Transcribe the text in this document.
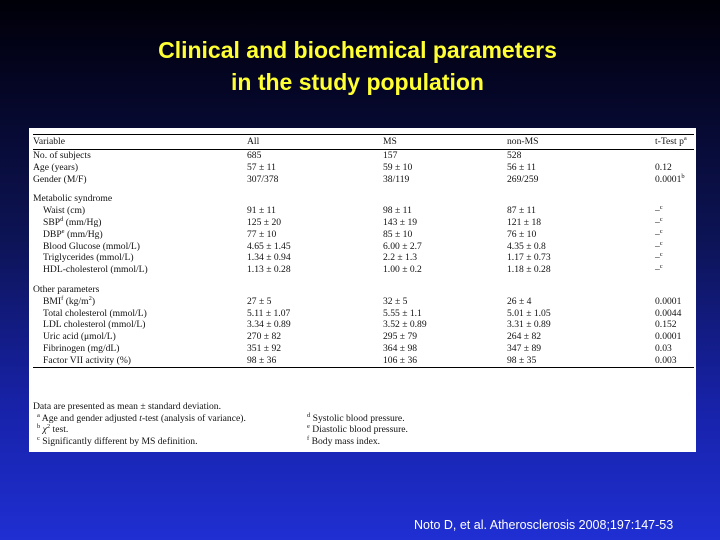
Clinical and biochemical parameters
in the study population
Variable	All	MS	non-MS	t-Test $p^a$
No. of subjects	685	157	528	
Age (years)	57 ± 11	59 ± 10	56 ± 11	0.12
Gender (M/F)	307/378	38/119	269/259	0.0001$^b$

Metabolic syndrome				
Waist (cm)	91 ± 11	98 ± 11	87 ± 11	–$^c$
SBP$^d$ (mm/Hg)	125 ± 20	143 ± 19	121 ± 18	–$^c$
DBP$^e$ (mm/Hg)	77 ± 10	85 ± 10	76 ± 10	–$^c$
Blood Glucose (mmol/L)	4.65 ± 1.45	6.00 ± 2.7	4.35 ± 0.8	–$^c$
Triglycerides (mmol/L)	1.34 ± 0.94	2.2 ± 1.3	1.17 ± 0.73	–$^c$
HDL-cholesterol (mmol/L)	1.13 ± 0.28	1.00 ± 0.2	1.18 ± 0.28	–$^c$

Other parameters				
BMI$^f$ $(kg/m^2)$	27 ± 5	32 ± 5	26 ± 4	0.0001
Total cholesterol (mmol/L)	5.11 ± 1.07	5.55 ± 1.1	5.01 ± 1.05	0.0044
LDL cholesterol (mmol/L)	3.34 ± 0.89	3.52 ± 0.89	3.31 ± 0.89	0.152
Uric acid (μmol/L)	270 ± 82	295 ± 79	264 ± 82	0.0001
Fibrinogen (mg/dL)	351 ± 92	364 ± 98	347 ± 89	0.03
Factor VII activity (%)	98 ± 36	106 ± 36	98 ± 35	0.003
Data are presented as mean ± standard deviation.
$^a$ Age and gender adjusted t-test (analysis of variance).	$^d$ Systolic blood pressure.
$^b$ $\chi^2$ test.	$^e$ Diastolic blood pressure.
$^c$ Significantly different by MS definition.	$^f$ Body mass index.
Noto D, et al. Atherosclerosis 2008;197:147-53
